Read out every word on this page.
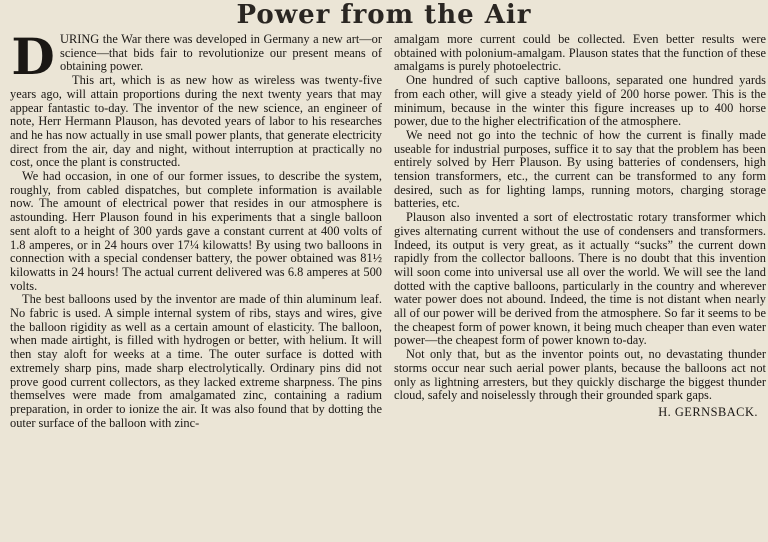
Power from the Air

DURING the War there was developed in Germany a new art—or science—that bids fair to revolutionize our present means of obtaining power.

This art, which is as new how as wireless was twenty-five years ago, will attain proportions during the next twenty years that may appear fantastic to-day. The inventor of the new science, an engineer of note, Herr Hermann Plauson, has devoted years of labor to his researches and he has now actually in use small power plants, that generate electricity direct from the air, day and night, without interruption at practically no cost, once the plant is constructed.

We had occasion, in one of our former issues, to describe the system, roughly, from cabled dispatches, but complete information is available now. The amount of electrical power that resides in our atmosphere is astounding. Herr Plauson found in his experiments that a single balloon sent aloft to a height of 300 yards gave a constant current at 400 volts of 1.8 amperes, or in 24 hours over 17¼ kilowatts! By using two balloons in connection with a special condenser battery, the power obtained was 81½ kilowatts in 24 hours! The actual current delivered was 6.8 amperes at 500 volts.

The best balloons used by the inventor are made of thin aluminum leaf. No fabric is used. A simple internal system of ribs, stays and wires, give the balloon rigidity as well as a certain amount of elasticity. The balloon, when made airtight, is filled with hydrogen or better, with helium. It will then stay aloft for weeks at a time. The outer surface is dotted with extremely sharp pins, made sharp electrolytically. Ordinary pins did not prove good current collectors, as they lacked extreme sharpness. The pins themselves were made from amalgamated zinc, containing a radium preparation, in order to ionize the air. It was also found that by dotting the outer surface of the balloon with zinc-

amalgam more current could be collected. Even better results were obtained with polonium-amalgam. Plauson states that the function of these amalgams is purely photoelectric.

One hundred of such captive balloons, separated one hundred yards from each other, will give a steady yield of 200 horse power. This is the minimum, because in the winter this figure increases up to 400 horse power, due to the higher electrification of the atmosphere.

We need not go into the technic of how the current is finally made useable for industrial purposes, suffice it to say that the problem has been entirely solved by Herr Plauson. By using batteries of condensers, high tension transformers, etc., the current can be transformed to any form desired, such as for lighting lamps, running motors, charging storage batteries, etc.

Plauson also invented a sort of electrostatic rotary transformer which gives alternating current without the use of condensers and transformers. Indeed, its output is very great, as it actually “sucks” the current down rapidly from the collector balloons. There is no doubt that this invention will soon come into universal use all over the world. We will see the land dotted with the captive balloons, particularly in the country and wherever water power does not abound. Indeed, the time is not distant when nearly all of our power will be derived from the atmosphere. So far it seems to be the cheapest form of power known, it being much cheaper than even water power—the cheapest form of power known to-day.

Not only that, but as the inventor points out, no devastating thunder storms occur near such aerial power plants, because the balloons act not only as lightning arresters, but they quickly discharge the biggest thunder cloud, safely and noiselessly through their grounded spark gaps.

H. GERNSBACK.
